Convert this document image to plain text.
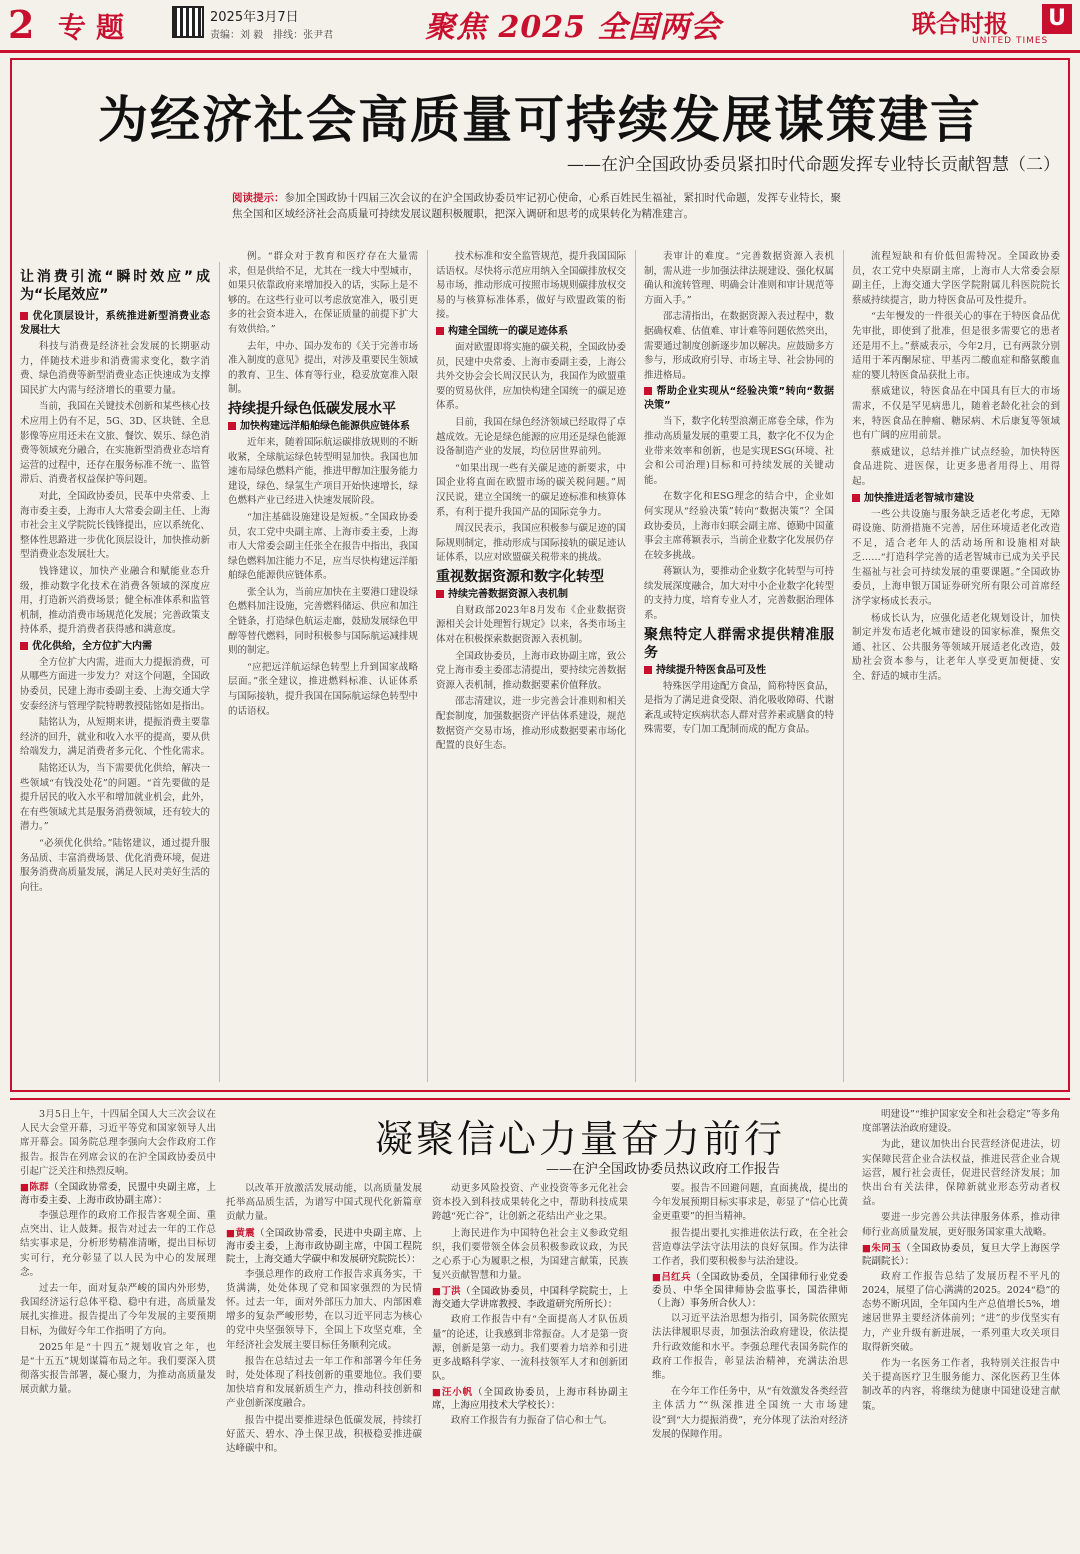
2 专题	2025年3月7日
责编：刘 毅　排线：张尹君	聚焦 2025 全国两会	联合时报 U
UNITED TIMES
为经济社会高质量可持续发展谋策建言
——在沪全国政协委员紧扣时代命题发挥专业特长贡献智慧（二）
阅读提示：参加全国政协十四届三次会议的在沪全国政协委员牢记初心使命，心系百姓民生福祉，紧扣时代命题，发挥专业特长，聚焦全国和区域经济社会高质量可持续发展议题积极履职，把深入调研和思考的成果转化为精准建言。
让消费引流“瞬时效应”成为“长尾效应”

优化顶层设计，系统推进新型消费业态发展壮大

科技与消费是经济社会发展的长期驱动力，伴随技术进步和消费需求变化，数字消费、绿色消费等新型消费业态正快速成为支撑国民扩大内需与经济增长的重要力量。

当前，我国在关键技术创新和某些核心技术应用上仍有不足，5G、3D、区块链、全息影像等应用还未在文旅、餐饮、娱乐、绿色消费等领域充分融合，在实施新型消费业态培育运营的过程中，还存在服务标准不统一、监管滞后、消费者权益保护等问题。

对此，全国政协委员，民革中央常委、上海市委主委，上海市人大常委会副主任、上海市社会主义学院院长钱锋提出，应以系统化、整体性思路进一步优化顶层设计，加快推动新型消费业态发展壮大。

钱锋建议，加快产业融合和赋能业态升级，推动数字化技术在消费各领域的深度应用，打造新兴消费场景；健全标准体系和监管机制，推动消费市场规范化发展；完善政策支持体系，提升消费者获得感和满意度。

优化供给，全方位扩大内需

全方位扩大内需，进而大力提振消费，可从哪些方面进一步发力？对这个问题，全国政协委员，民建上海市委副主委、上海交通大学安泰经济与管理学院特聘教授陆铭如是指出。

陆铭认为，从短期来讲，提振消费主要靠经济的回升，就业和收入水平的提高，要从供给端发力，满足消费者多元化、个性化需求。

陆铭还认为，当下需要优化供给，解决一些领域“有钱没处花”的问题。“首先要做的是提升居民的收入水平和增加就业机会，此外，在有些领域尤其是服务消费领域，还有较大的潜力。”

“必须优化供给。”陆铭建议，通过提升服务品质、丰富消费场景、优化消费环境，促进服务消费高质量发展，满足人民对美好生活的向往。

例。“群众对于教育和医疗存在大量需求，但是供给不足，尤其在一线大中型城市，如果只依靠政府来增加投入的话，实际上是不够的。在这些行业可以考虑放宽准入，吸引更多的社会资本进入，在保证质量的前提下扩大有效供给。”

去年，中办、国办发布的《关于完善市场准入制度的意见》提出，对涉及重要民生领域的教育、卫生、体育等行业，稳妥放宽准入限制。

持续提升绿色低碳发展水平

加快构建远洋船舶绿色能源供应链体系

近年来，随着国际航运碳排放规则的不断收紧，全球航运绿色转型明显加快。我国也加速布局绿色燃料产能，推进甲醇加注服务能力建设，绿色、绿氢生产项目开始快速增长，绿色燃料产业已经进入快速发展阶段。

“加注基础设施建设是短板。”全国政协委员，农工党中央副主席、上海市委主委，上海市人大常委会副主任张全在报告中指出，我国绿色燃料加注能力不足，应当尽快构建远洋船舶绿色能源供应链体系。

张全认为，当前应加快在主要港口建设绿色燃料加注设施，完善燃料储运、供应和加注全链条，打造绿色航运走廊，鼓励发展绿色甲醇等替代燃料，同时积极参与国际航运减排规则的制定。

“应把远洋航运绿色转型上升到国家战略层面。”张全建议，推进燃料标准、认证体系与国际接轨，提升我国在国际航运绿色转型中的话语权。

技术标准和安全监管规范，提升我国国际话语权。尽快将示范应用纳入全国碳排放权交易市场，推动形成可按照市场规则碳排放权交易的与核算标准体系，做好与欧盟政策的衔接。

构建全国统一的碳足迹体系

面对欧盟即将实施的碳关税，全国政协委员，民建中央常委、上海市委副主委，上海公共外交协会会长周汉民认为，我国作为欧盟重要的贸易伙伴，应加快构建全国统一的碳足迹体系。

目前，我国在绿色经济领域已经取得了卓越成效。无论是绿色能源的应用还是绿色能源设备制造产业的发展，均位居世界前列。

“如果出现一些有关碳足迹的新要求，中国企业将直面在欧盟市场的碳关税问题。”周汉民说，建立全国统一的碳足迹标准和核算体系，有利于提升我国产品的国际竞争力。

周汉民表示，我国应积极参与碳足迹的国际规则制定，推动形成与国际接轨的碳足迹认证体系，以应对欧盟碳关税带来的挑战。

重视数据资源和数字化转型

持续完善数据资源入表机制

自财政部2023年8月发布《企业数据资源相关会计处理暂行规定》以来，各类市场主体对在积极探索数据资源入表机制。

全国政协委员，上海市政协副主席，致公党上海市委主委邵志清提出，要持续完善数据资源入表机制，推动数据要素价值释放。

邵志清建议，进一步完善会计准则和相关配套制度，加强数据资产评估体系建设，规范数据资产交易市场，推动形成数据要素市场化配置的良好生态。

表审计的难度。“完善数据资源入表机制，需从进一步加强法律法规建设、强化权属确认和流转管理、明确会计准则和审计规范等方面入手。”

邵志清指出，在数据资源入表过程中，数据确权难、估值难、审计难等问题依然突出，需要通过制度创新逐步加以解决。应鼓励多方参与，形成政府引导、市场主导、社会协同的推进格局。

帮助企业实现从“经验决策”转向“数据决策”

当下，数字化转型浪潮正席卷全球，作为推动高质量发展的重要工具，数字化不仅为企业带来效率和创新，也是实现ESG(环境、社会和公司治理)目标和可持续发展的关键动能。

在数字化和ESG理念的结合中，企业如何实现从“经验决策”转向“数据决策”？全国政协委员，上海市妇联会副主席、德勤中国董事会主席蒋颖表示，当前企业数字化发展仍存在较多挑战。

蒋颖认为，要推动企业数字化转型与可持续发展深度融合，加大对中小企业数字化转型的支持力度，培育专业人才，完善数据治理体系。

聚焦特定人群需求提供精准服务

持续提升特医食品可及性

特殊医学用途配方食品，简称特医食品，是指为了满足进食受限、消化吸收障碍、代谢紊乱或特定疾病状态人群对营养素或膳食的特殊需要，专门加工配制而成的配方食品。

流程短缺和有价低但需特况。全国政协委员，农工党中央原副主席，上海市人大常委会原副主任，上海交通大学医学院附属儿科医院院长蔡威持续提言，助力特医食品可及性提升。

“去年慢发的一件很关心的事在于特医食品优先审批，即使到了批准，但是很多需要它的患者还是用不上。”蔡威表示，今年2月，已有两款分别适用于苯丙酮尿症、甲基丙二酸血症和酪氨酸血症的婴儿特医食品获批上市。

蔡威建议，特医食品在中国具有巨大的市场需求，不仅是罕见病患儿，随着老龄化社会的到来，特医食品在肿瘤、糖尿病、术后康复等领域也有广阔的应用前景。

蔡威建议，总结并推广试点经验，加快特医食品进院、进医保，让更多患者用得上、用得起。

加快推进适老智城市建设

一些公共设施与服务缺乏适老化考虑，无障碍设施、防滑措施不完善，居住环境适老化改造不足，适合老年人的活动场所和设施相对缺乏……“打造科学完善的适老智城市已成为关乎民生福祉与社会可持续发展的重要课题。”全国政协委员，上海申银万国证券研究所有限公司首席经济学家杨成长表示。

杨成长认为，应强化适老化规划设计，加快制定并发布适老化城市建设的国家标准，聚焦交通、社区、公共服务等领域开展适老化改造，鼓励社会资本参与，让老年人享受更加便捷、安全、舒适的城市生活。

凝聚信心力量奋力前行
——在沪全国政协委员热议政府工作报告

3月5日上午，十四届全国人大三次会议在人民大会堂开幕，习近平等党和国家领导人出席开幕会。国务院总理李强向大会作政府工作报告。报告在列席会议的在沪全国政协委员中引起广泛关注和热烈反响。

■陈群（全国政协常委，民盟中央副主席，上海市委主委、上海市政协副主席）：

李强总理作的政府工作报告客观全面、重点突出、让人鼓舞。报告对过去一年的工作总结实事求是，分析形势精准清晰，提出目标切实可行，充分彰显了以人民为中心的发展理念。

过去一年，面对复杂严峻的国内外形势，我国经济运行总体平稳、稳中有进，高质量发展扎实推进。报告提出了今年发展的主要预期目标，为做好今年工作指明了方向。

2025年是“十四五”规划收官之年，也是“十五五”规划谋篇布局之年。我们要深入贯彻落实报告部署，凝心聚力，为推动高质量发展贡献力量。

以改革开放激活发展动能，以高质量发展托举高品质生活，为谱写中国式现代化新篇章贡献力量。

■黄震（全国政协常委，民进中央副主席、上海市委主委，上海市政协副主席，中国工程院院士，上海交通大学碳中和发展研究院院长）：

李强总理作的政府工作报告求真务实，干货满满，处处体现了党和国家强烈的为民情怀。过去一年，面对外部压力加大、内部困难增多的复杂严峻形势，在以习近平同志为核心的党中央坚强领导下，全国上下攻坚克难，全年经济社会发展主要目标任务顺利完成。

报告在总结过去一年工作和部署今年任务时，处处体现了科技创新的重要地位。我们要加快培育和发展新质生产力，推动科技创新和产业创新深度融合。

报告中提出要推进绿色低碳发展，持续打好蓝天、碧水、净土保卫战，积极稳妥推进碳达峰碳中和。

动更多风险投资、产业投资等多元化社会资本投入到科技成果转化之中，帮助科技成果跨越“死亡谷”，让创新之花结出产业之果。

上海民进作为中国特色社会主义参政党组织，我们要带领全体会员积极参政议政，为民之心系于心为履职之根，为国建言献策，民族复兴贡献智慧和力量。

■丁洪（全国政协委员，中国科学院院士，上海交通大学讲席教授、李政道研究所所长）：

政府工作报告中有“全面提高人才队伍质量”的论述，让我感到非常振奋。人才是第一资源，创新是第一动力。我们要着力培养和引进更多战略科学家、一流科技领军人才和创新团队。

■汪小帆（全国政协委员，上海市科协副主席，上海应用技术大学校长）：

政府工作报告有力振奋了信心和士气。

要。报告不回避问题，直面挑战，提出的今年发展预期目标实事求是，彰显了“信心比黄金更重要”的担当精神。

报告提出要扎实推进依法行政，在全社会营造尊法学法守法用法的良好氛围。作为法律工作者，我们要积极参与法治建设。

■吕红兵（全国政协委员，全国律师行业党委委员、中华全国律师协会监事长，国浩律师（上海）事务所合伙人）：

以习近平法治思想为指引，国务院依照宪法法律履职尽责，加强法治政府建设，依法提升行政效能和水平。李强总理代表国务院作的政府工作报告，彰显法治精神，充满法治思维。

在今年工作任务中，从“有效激发各类经营主体活力”“纵深推进全国统一大市场建设”到“大力提振消费”，充分体现了法治对经济发展的保障作用。

明建设”“维护国家安全和社会稳定”等多角度部署法治政府建设。

为此，建议加快出台民营经济促进法，切实保障民营企业合法权益，推进民营企业合规运营，履行社会责任，促进民营经济发展；加快出台有关法律，保障新就业形态劳动者权益。

要进一步完善公共法律服务体系，推动律师行业高质量发展，更好服务国家重大战略。

■朱同玉（全国政协委员，复旦大学上海医学院副院长）：

政府工作报告总结了发展历程不平凡的2024，展望了信心满满的2025。2024“稳”的态势不断巩固，全年国内生产总值增长5%，增速居世界主要经济体前列；“进”的步伐坚实有力，产业升级有新进展，一系列重大攻关项目取得新突破。

作为一名医务工作者，我特别关注报告中关于提高医疗卫生服务能力、深化医药卫生体制改革的内容，将继续为健康中国建设建言献策。
